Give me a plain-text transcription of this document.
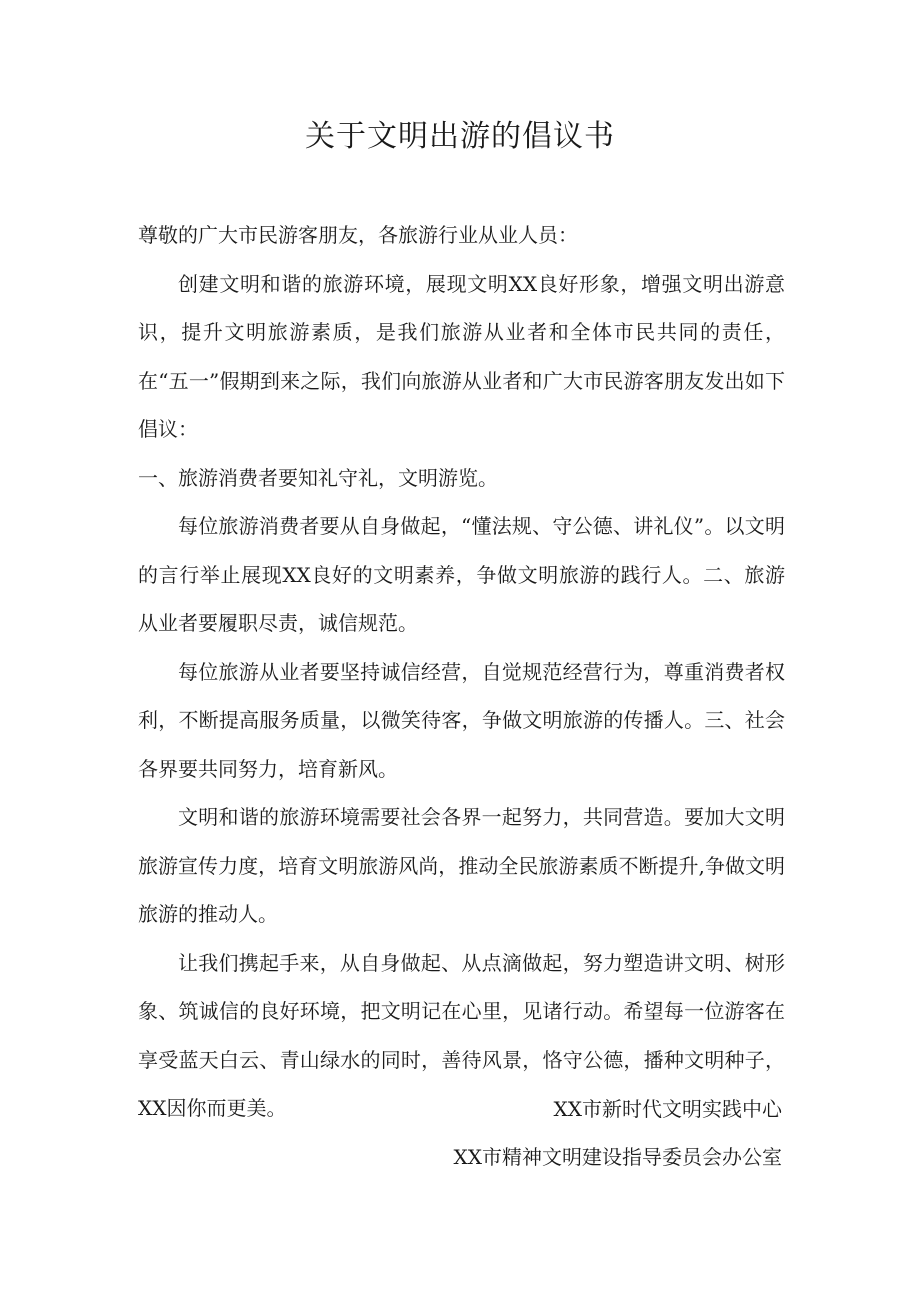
关于文明出游的倡议书

尊敬的广大市民游客朋友，各旅游行业从业人员：

创建文明和谐的旅游环境，展现文明XX良好形象，增强文明出游意识，提升文明旅游素质，是我们旅游从业者和全体市民共同的责任，在“五一”假期到来之际，我们向旅游从业者和广大市民游客朋友发出如下倡议：

一、旅游消费者要知礼守礼，文明游览。

每位旅游消费者要从自身做起，“懂法规、守公德、讲礼仪”。以文明的言行举止展现XX良好的文明素养，争做文明旅游的践行人。二、旅游从业者要履职尽责，诚信规范。

每位旅游从业者要坚持诚信经营，自觉规范经营行为，尊重消费者权利，不断提高服务质量，以微笑待客，争做文明旅游的传播人。三、社会各界要共同努力，培育新风。

文明和谐的旅游环境需要社会各界一起努力，共同营造。要加大文明旅游宣传力度，培育文明旅游风尚，推动全民旅游素质不断提升,争做文明旅游的推动人。

让我们携起手来，从自身做起、从点滴做起，努力塑造讲文明、树形象、筑诚信的良好环境，把文明记在心里，见诸行动。希望每一位游客在享受蓝天白云、青山绿水的同时，善待风景，恪守公德，播种文明种子，XX因你而更美。	XX市新时代文明实践中心
XX市精神文明建设指导委员会办公室
